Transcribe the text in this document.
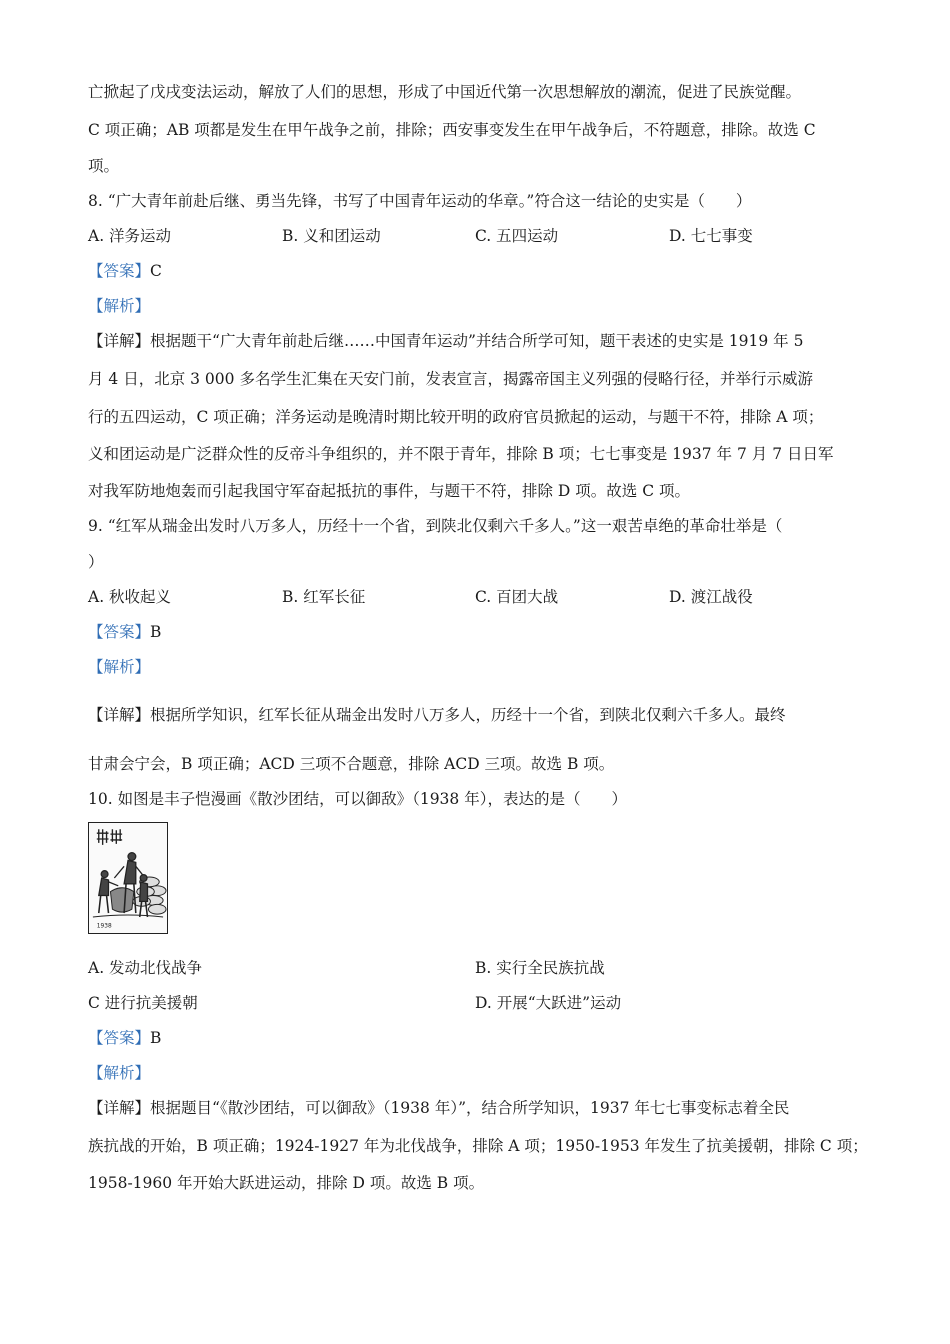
亡掀起了戊戌变法运动，解放了人们的思想，形成了中国近代第一次思想解放的潮流，促进了民族觉醒。
C 项正确；AB 项都是发生在甲午战争之前，排除；西安事变发生在甲午战争后，不符题意，排除。故选 C
项。
8. “广大青年前赴后继、勇当先锋，书写了中国青年运动的华章。”符合这一结论的史实是（　　）
A. 洋务运动	B. 义和团运动	C. 五四运动	D. 七七事变
【答案】C
【解析】
【详解】根据题干“广大青年前赴后继……中国青年运动”并结合所学可知，题干表述的史实是 1919 年 5
月 4 日，北京 3 000 多名学生汇集在天安门前，发表宣言，揭露帝国主义列强的侵略行径，并举行示威游
行的五四运动，C 项正确；洋务运动是晚清时期比较开明的政府官员掀起的运动，与题干不符，排除 A 项；
义和团运动是广泛群众性的反帝斗争组织的，并不限于青年，排除 B 项；七七事变是 1937 年 7 月 7 日日军
对我军防地炮轰而引起我国守军奋起抵抗的事件，与题干不符，排除 D 项。故选 C 项。
9. “红军从瑞金出发时八万多人，历经十一个省，到陕北仅剩六千多人。”这一艰苦卓绝的革命壮举是（
）
A. 秋收起义	B. 红军长征	C. 百团大战	D. 渡江战役
【答案】B
【解析】
【详解】根据所学知识，红军长征从瑞金出发时八万多人，历经十一个省，到陕北仅剩六千多人。最终
甘肃会宁会，B 项正确；ACD 三项不合题意，排除 ACD 三项。故选 B 项。
10. 如图是丰子恺漫画《散沙团结，可以御敌》（1938 年），表达的是（　　）
1938
A. 发动北伐战争	B. 实行全民族抗战
C 进行抗美援朝	D. 开展“大跃进”运动
【答案】B
【解析】
【详解】根据题目“《散沙团结，可以御敌》（1938 年）”，结合所学知识，1937 年七七事变标志着全民
族抗战的开始，B 项正确；1924-1927 年为北伐战争，排除 A 项；1950-1953 年发生了抗美援朝，排除 C 项；
1958-1960 年开始大跃进运动，排除 D 项。故选 B 项。
